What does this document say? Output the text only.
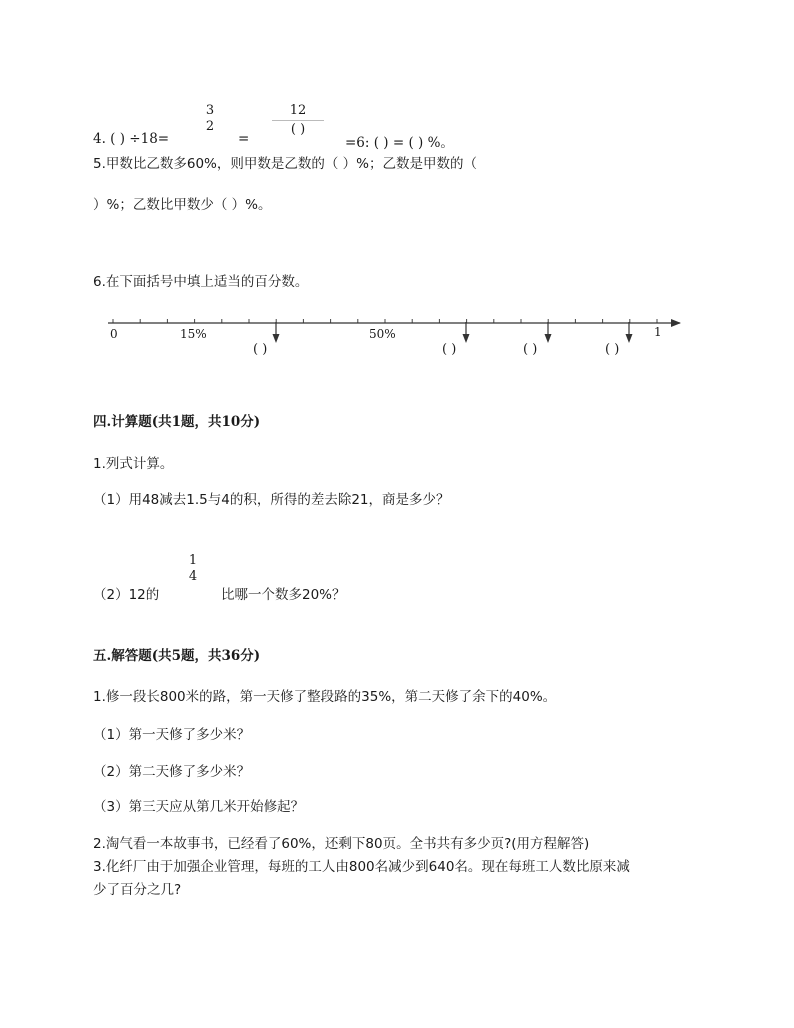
4. ( ) ÷18=
3
2
=
12
( )
=6: ( ) = ( ) %。
5.甲数比乙数多60%，则甲数是乙数的（ ）%；乙数是甲数的（
）%；乙数比甲数少（ ）%。
6.在下面括号中填上适当的百分数。
0	15%	50%	1
( )	( )	( )	( )
四.计算题(共1题，共10分)
1.列式计算。
（1）用48减去1.5与4的积，所得的差去除21，商是多少？
（2）12的
1
4
比哪一个数多20%？
五.解答题(共5题，共36分)
1.修一段长800米的路，第一天修了整段路的35%，第二天修了余下的40%。
（1）第一天修了多少米？
（2）第二天修了多少米？
（3）第三天应从第几米开始修起？
2.淘气看一本故事书，已经看了60%，还剩下80页。全书共有多少页?(用方程解答)
3.化纤厂由于加强企业管理，每班的工人由800名减少到640名。现在每班工人数比原来减
少了百分之几?
